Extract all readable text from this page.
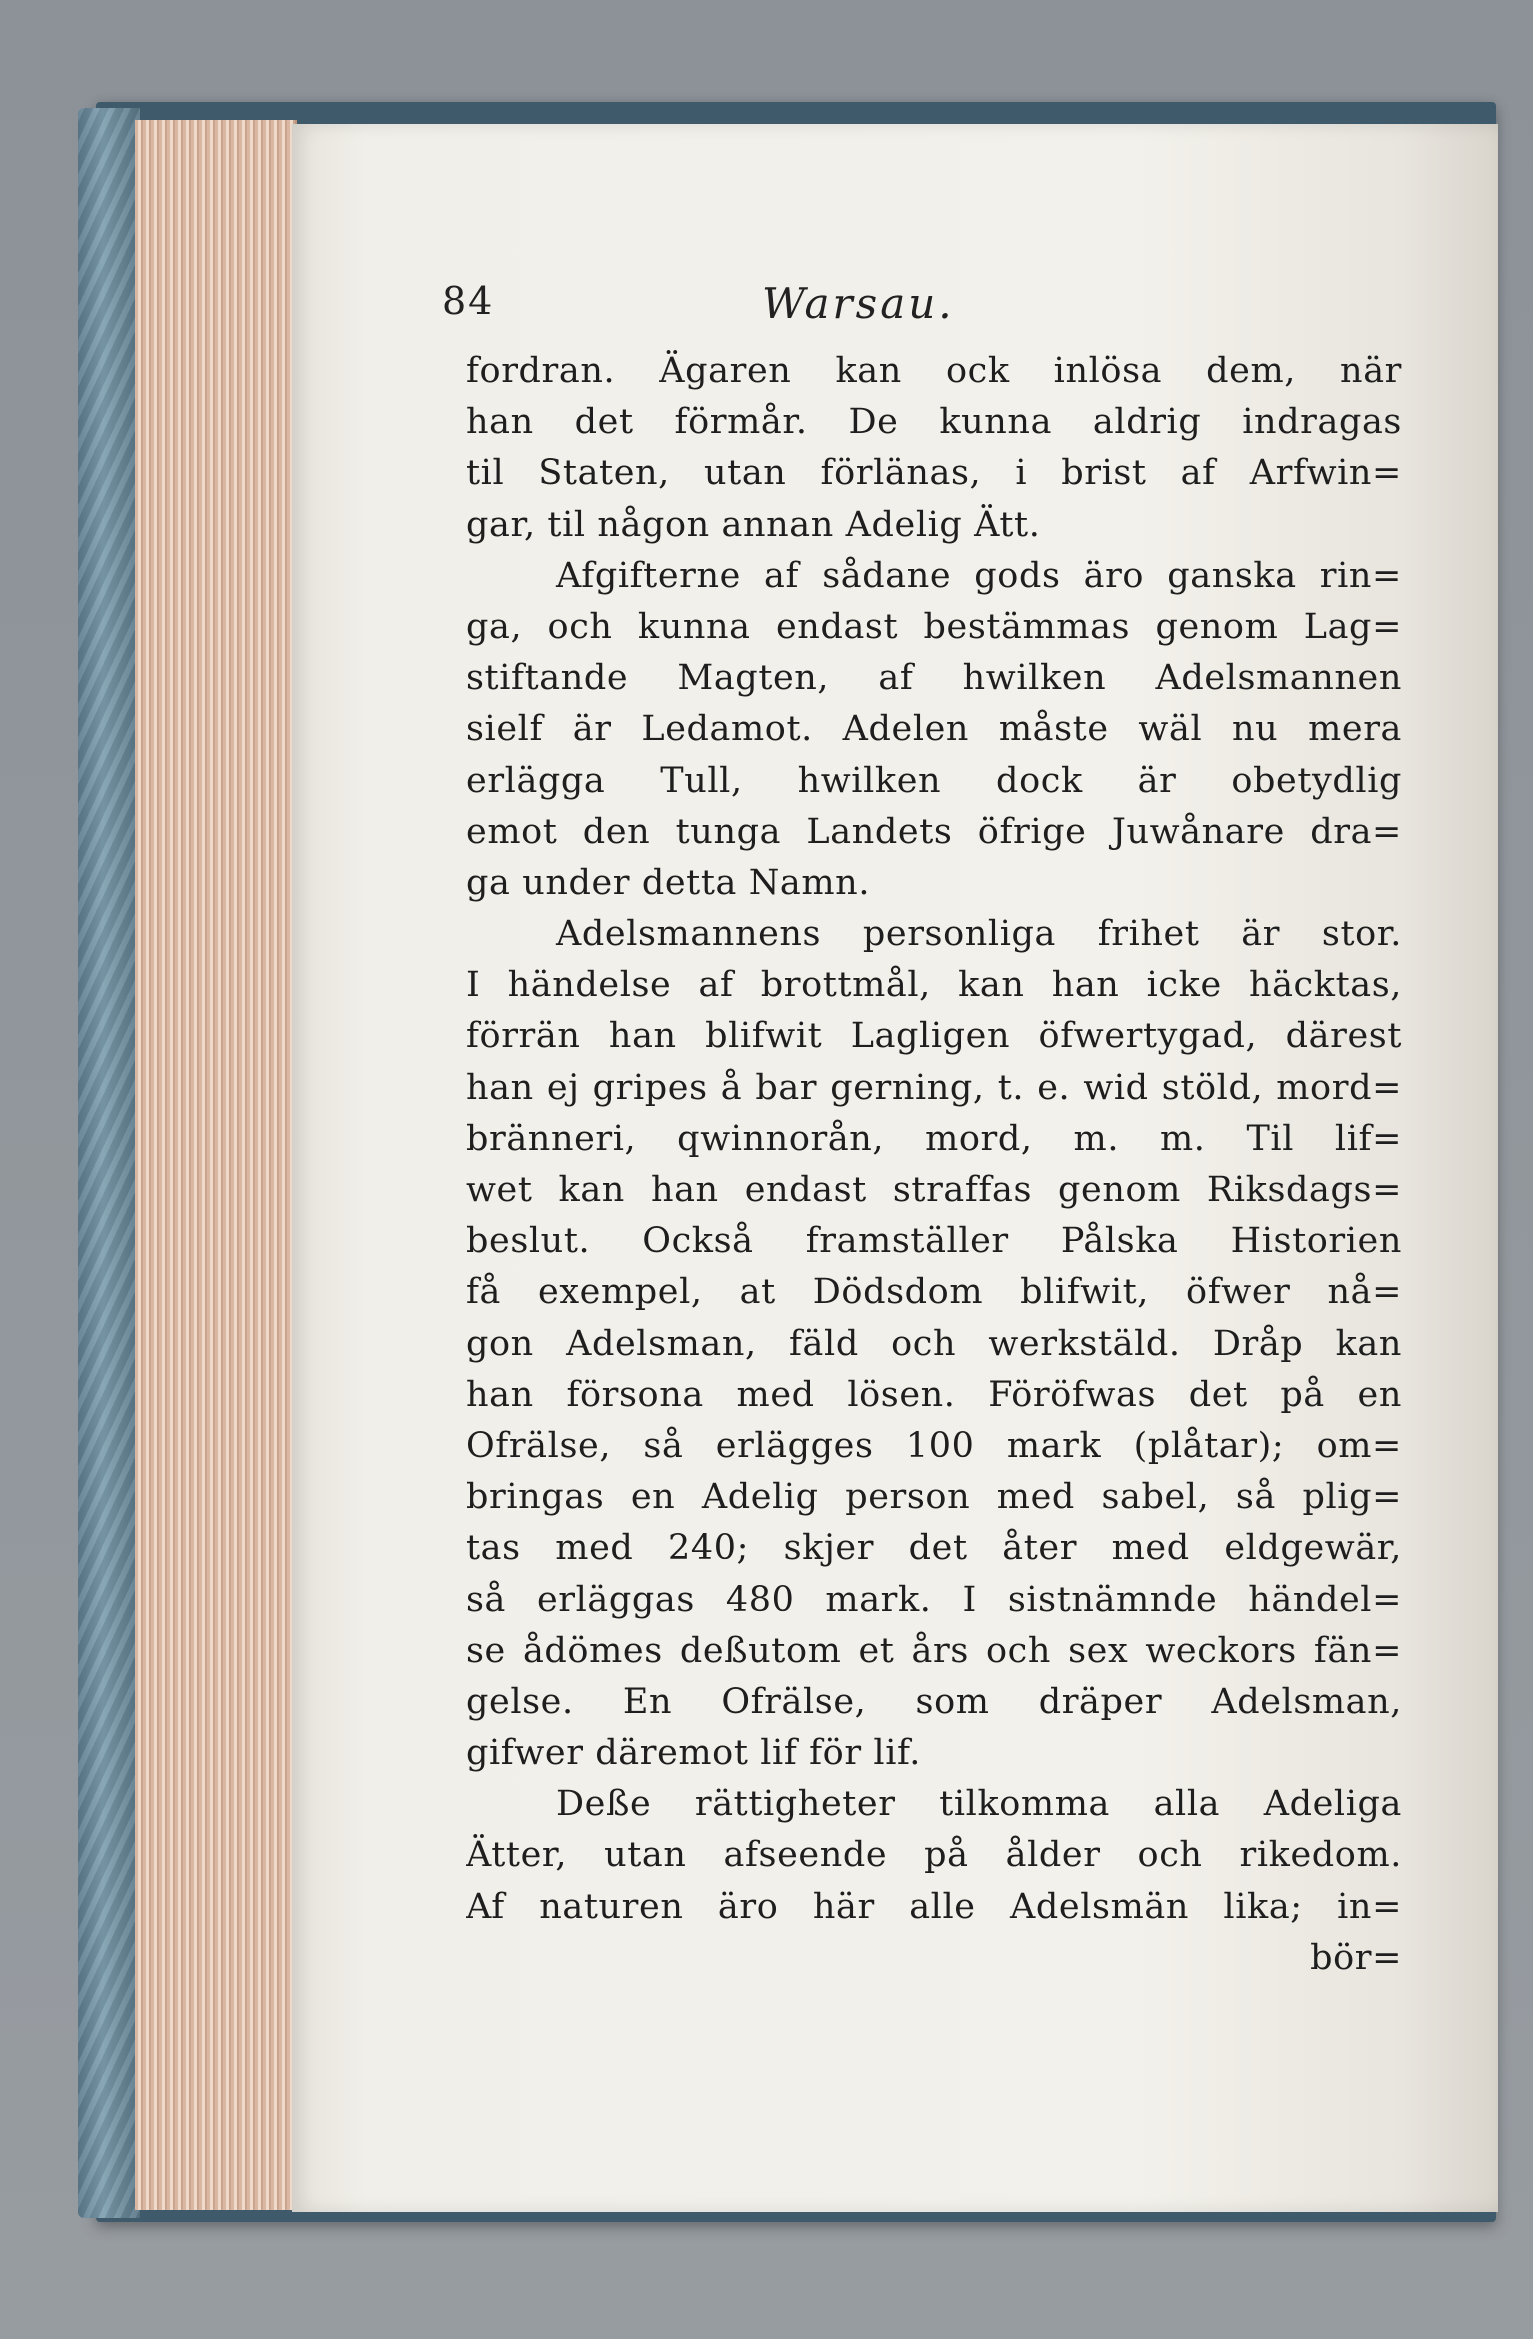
84	Warsau.
fordran. Ägaren kan ock inlösa dem, när
han det förmår. De kunna aldrig indragas
til Staten, utan förlänas, i brist af Arfwin=
gar, til någon annan Adelig Ätt.
Afgifterne af sådane gods äro ganska rin=
ga, och kunna endast bestämmas genom Lag=
stiftande Magten, af hwilken Adelsmannen
sielf är Ledamot. Adelen måste wäl nu mera
erlägga Tull, hwilken dock är obetydlig
emot den tunga Landets öfrige Juwånare dra=
ga under detta Namn.
Adelsmannens personliga frihet är stor.
I händelse af brottmål, kan han icke häcktas,
förrän han blifwit Lagligen öfwertygad, därest
han ej gripes å bar gerning, t. e. wid stöld, mord=
bränneri, qwinnorån, mord, m. m. Til lif=
wet kan han endast straffas genom Riksdags=
beslut. Också framställer Pålska Historien
få exempel, at Dödsdom blifwit, öfwer nå=
gon Adelsman, fäld och werkstäld. Dråp kan
han försona med lösen. Föröfwas det på en
Ofrälse, så erlägges 100 mark (plåtar); om=
bringas en Adelig person med sabel, så plig=
tas med 240; skjer det åter med eldgewär,
så erläggas 480 mark. I sistnämnde händel=
se ådömes deßutom et års och sex weckors fän=
gelse. En Ofrälse, som dräper Adelsman,
gifwer däremot lif för lif.
Deße rättigheter tilkomma alla Adeliga
Ätter, utan afseende på ålder och rikedom.
Af naturen äro här alle Adelsmän lika; in=
bör=
